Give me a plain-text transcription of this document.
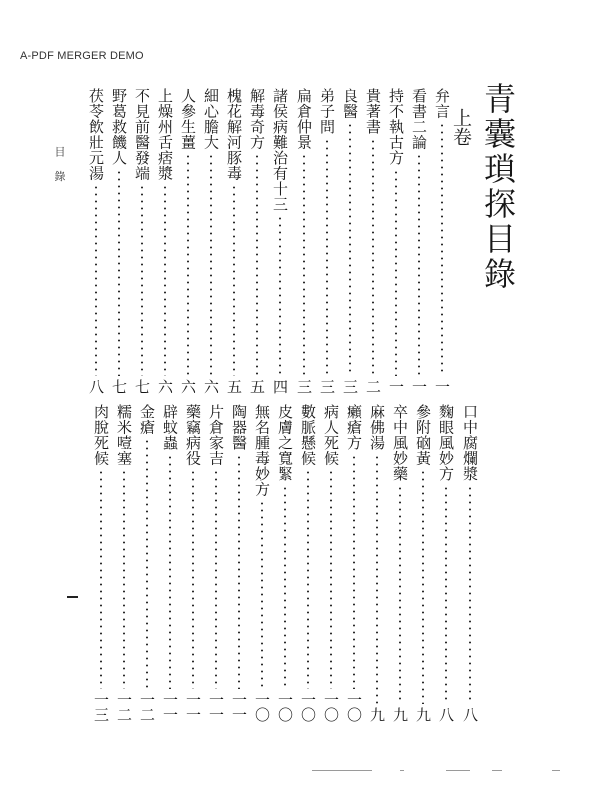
A-PDF MERGER DEMO
青囊瑣探目錄
上卷
弁言
一
看書二論
一
持不執古方
一
貴著書
二
良醫
三
弟子問
三
扁倉仲景
三
諸侯病難治有十三
四
解毒奇方
五
槐花解河豚毒
五
細心膽大
六
人參生薑
六
上燥州舌痞漿
六
不見前醫發端
七
野葛救饑人
七
茯苓飲壯元湯
八
口中腐爛漿
八
麴眼風妙方
八
參附硇黃
九
卒中風妙藥
九
麻佛湯
九
癩瘡方
一〇
病人死候
一〇
數脈懸候
一〇
皮膚之寬緊
一〇
無名腫毒妙方
一〇
陶器醫
一一
片倉家吉
一一
藥竊病役
一一
辟蚊蟲
一一
金瘡
一二
糯米噎塞
一二
肉脫死候
一三
目 錄
